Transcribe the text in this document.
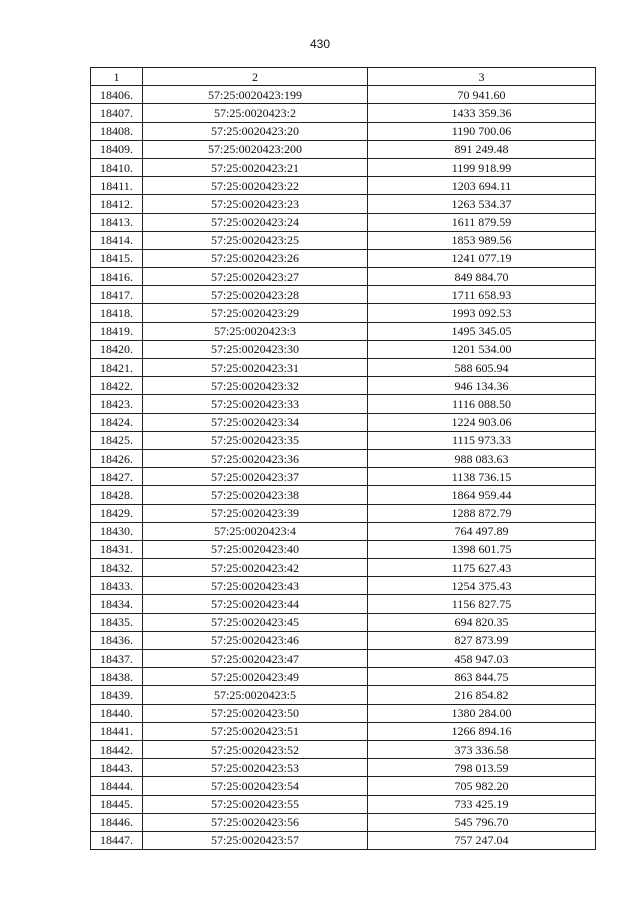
430
1	2	3
18406.	57:25:0020423:199	70 941.60
18407.	57:25:0020423:2	1433 359.36
18408.	57:25:0020423:20	1190 700.06
18409.	57:25:0020423:200	891 249.48
18410.	57:25:0020423:21	1199 918.99
18411.	57:25:0020423:22	1203 694.11
18412.	57:25:0020423:23	1263 534.37
18413.	57:25:0020423:24	1611 879.59
18414.	57:25:0020423:25	1853 989.56
18415.	57:25:0020423:26	1241 077.19
18416.	57:25:0020423:27	849 884.70
18417.	57:25:0020423:28	1711 658.93
18418.	57:25:0020423:29	1993 092.53
18419.	57:25:0020423:3	1495 345.05
18420.	57:25:0020423:30	1201 534.00
18421.	57:25:0020423:31	588 605.94
18422.	57:25:0020423:32	946 134.36
18423.	57:25:0020423:33	1116 088.50
18424.	57:25:0020423:34	1224 903.06
18425.	57:25:0020423:35	1115 973.33
18426.	57:25:0020423:36	988 083.63
18427.	57:25:0020423:37	1138 736.15
18428.	57:25:0020423:38	1864 959.44
18429.	57:25:0020423:39	1288 872.79
18430.	57:25:0020423:4	764 497.89
18431.	57:25:0020423:40	1398 601.75
18432.	57:25:0020423:42	1175 627.43
18433.	57:25:0020423:43	1254 375.43
18434.	57:25:0020423:44	1156 827.75
18435.	57:25:0020423:45	694 820.35
18436.	57:25:0020423:46	827 873.99
18437.	57:25:0020423:47	458 947.03
18438.	57:25:0020423:49	863 844.75
18439.	57:25:0020423:5	216 854.82
18440.	57:25:0020423:50	1380 284.00
18441.	57:25:0020423:51	1266 894.16
18442.	57:25:0020423:52	373 336.58
18443.	57:25:0020423:53	798 013.59
18444.	57:25:0020423:54	705 982.20
18445.	57:25:0020423:55	733 425.19
18446.	57:25:0020423:56	545 796.70
18447.	57:25:0020423:57	757 247.04
